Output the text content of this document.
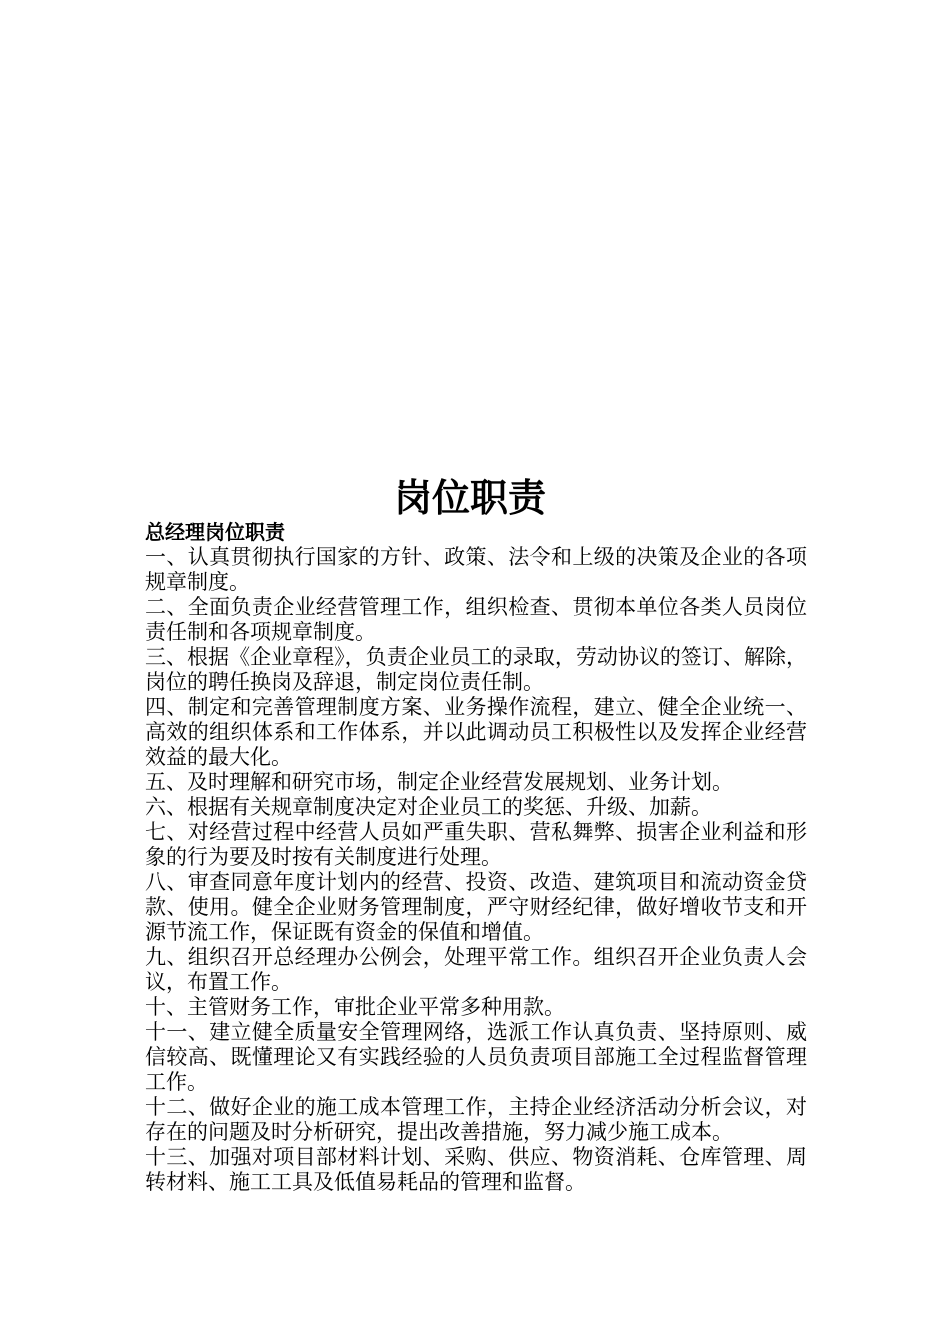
岗位职责
总经理岗位职责

一、认真贯彻执行国家的方针、政策、法令和上级的决策及企业的各项规章制度。

二、全面负责企业经营管理工作，组织检查、贯彻本单位各类人员岗位责任制和各项规章制度。

三、根据《企业章程》，负责企业员工的录取，劳动协议的签订、解除，岗位的聘任换岗及辞退，制定岗位责任制。

四、制定和完善管理制度方案、业务操作流程，建立、健全企业统一、高效的组织体系和工作体系，并以此调动员工积极性以及发挥企业经营效益的最大化。

五、及时理解和研究市场，制定企业经营发展规划、业务计划。

六、根据有关规章制度决定对企业员工的奖惩、升级、加薪。

七、对经营过程中经营人员如严重失职、营私舞弊、损害企业利益和形象的行为要及时按有关制度进行处理。

八、审查同意年度计划内的经营、投资、改造、建筑项目和流动资金贷款、使用。健全企业财务管理制度，严守财经纪律，做好增收节支和开源节流工作，保证既有资金的保值和增值。

九、组织召开总经理办公例会，处理平常工作。组织召开企业负责人会议，布置工作。

十、主管财务工作，审批企业平常多种用款。

十一、建立健全质量安全管理网络，选派工作认真负责、坚持原则、威信较高、既懂理论又有实践经验的人员负责项目部施工全过程监督管理工作。

十二、做好企业的施工成本管理工作，主持企业经济活动分析会议，对存在的问题及时分析研究，提出改善措施，努力减少施工成本。

十三、加强对项目部材料计划、采购、供应、物资消耗、仓库管理、周转材料、施工工具及低值易耗品的管理和监督。
